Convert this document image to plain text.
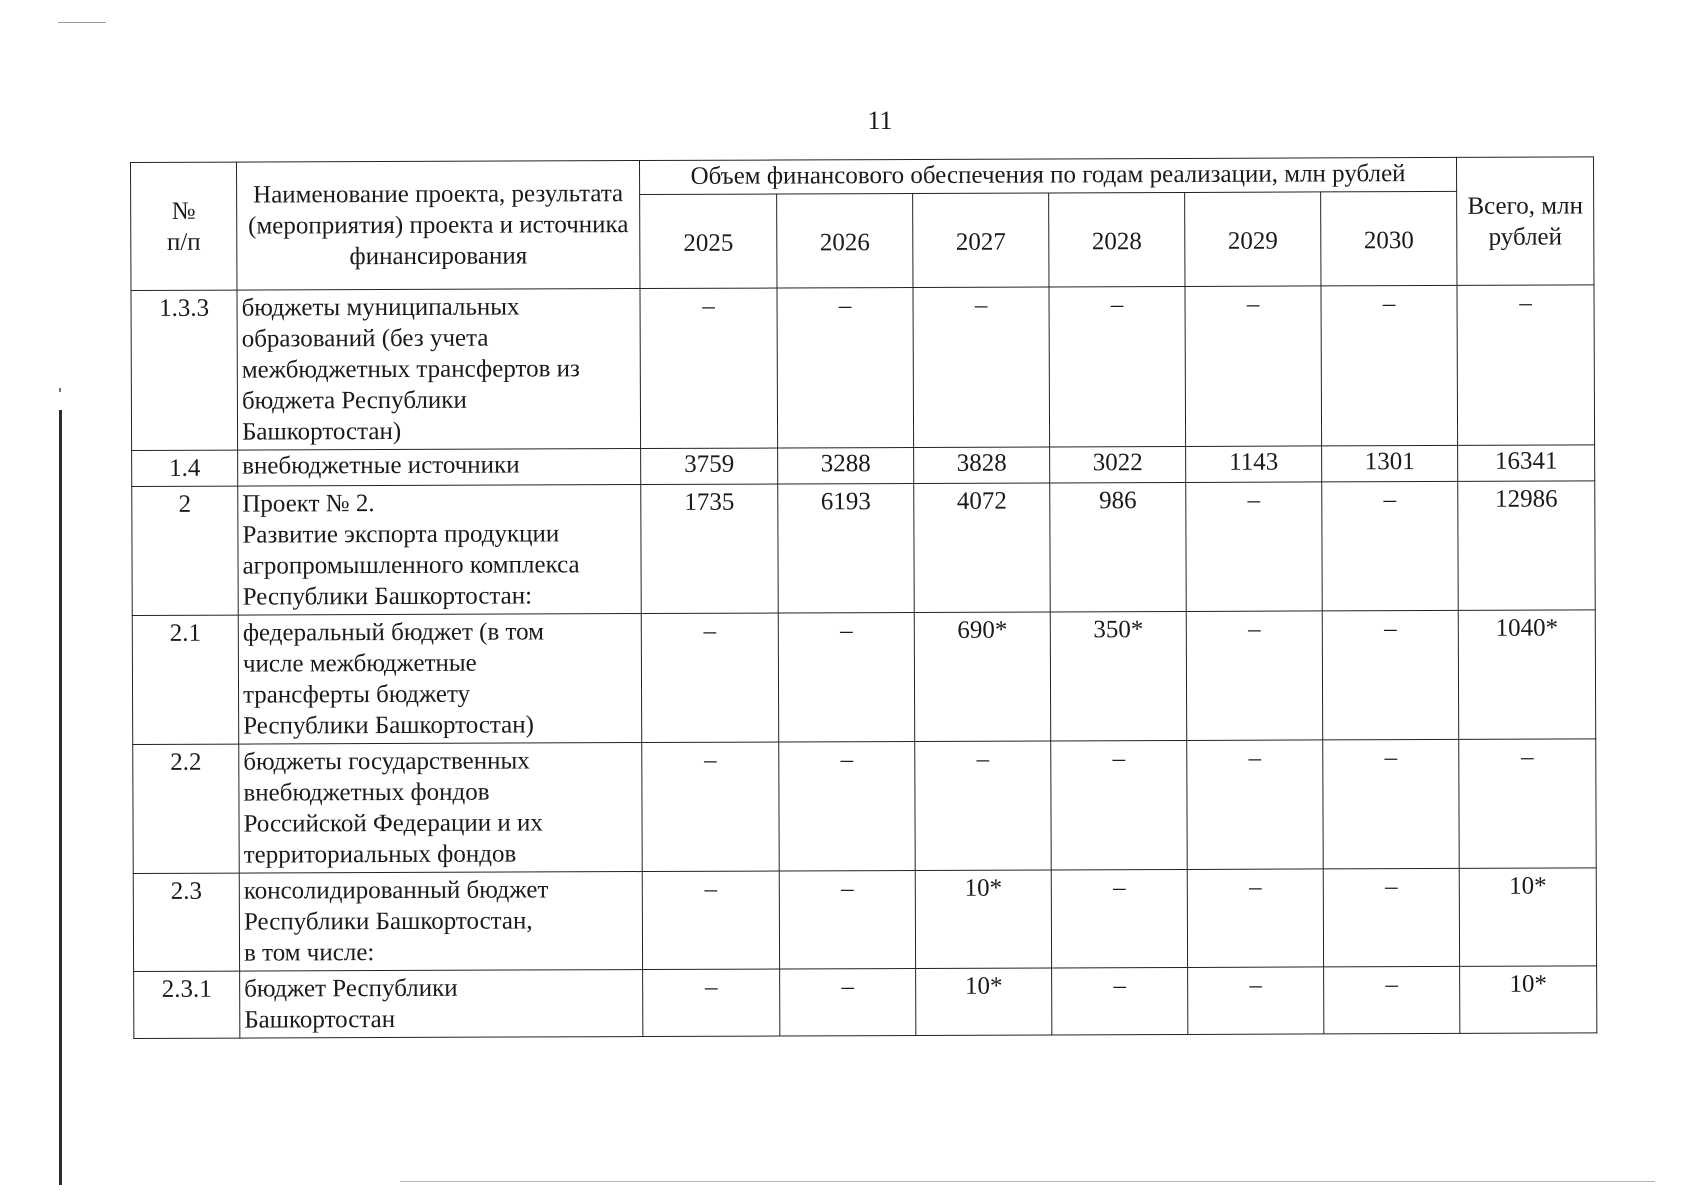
11
№
п/п	Наименование проекта, результата (мероприятия) проекта и источника финансирования	Объем финансового обеспечения по годам реализации, млн рублей						Всего, млн рублей
		2025	2026	2027	2028	2029	2030	
1.3.3	бюджеты муниципальных
образований (без учета
межбюджетных трансфертов из
бюджета Республики
Башкортостан)	–	–	–	–	–	–	–
1.4	внебюджетные источники	3759	3288	3828	3022	1143	1301	16341
2	Проект № 2.
Развитие экспорта продукции
агропромышленного комплекса
Республики Башкортостан:	1735	6193	4072	986	–	–	12986
2.1	федеральный бюджет (в том
числе межбюджетные
трансферты бюджету
Республики Башкортостан)	–	–	690*	350*	–	–	1040*
2.2	бюджеты государственных
внебюджетных фондов
Российской Федерации и их
территориальных фондов	–	–	–	–	–	–	–
2.3	консолидированный бюджет
Республики Башкортостан,
в том числе:	–	–	10*	–	–	–	10*
2.3.1	бюджет Республики
Башкортостан	–	–	10*	–	–	–	10*
